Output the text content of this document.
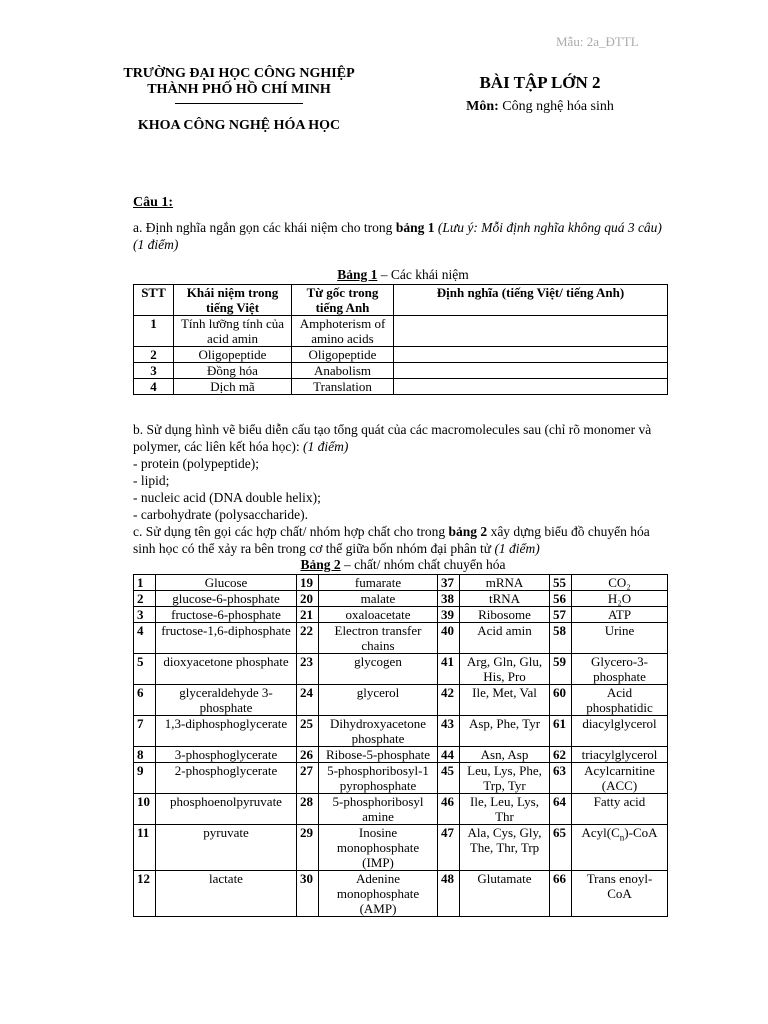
Mẫu: 2a_ĐTTL
TRƯỜNG ĐẠI HỌC CÔNG NGHIỆP
THÀNH PHỐ HỒ CHÍ MINH
KHOA CÔNG NGHỆ HÓA HỌC
BÀI TẬP LỚN 2
Môn: Công nghệ hóa sinh
Câu 1:
a. Định nghĩa ngắn gọn các khái niệm cho trong bảng 1 (Lưu ý: Mỗi định nghĩa không quá 3 câu)(1 điểm)
Bảng 1 – Các khái niệm
STT	Khái niệm trong tiếng Việt	Từ gốc trong tiếng Anh	Định nghĩa (tiếng Việt/ tiếng Anh)
1	Tính lưỡng tính của acid amin	Amphoterism of amino acids	
2	Oligopeptide	Oligopeptide	
3	Đồng hóa	Anabolism	
4	Dịch mã	Translation	
b. Sử dụng hình vẽ biểu diễn cấu tạo tổng quát của các macromolecules sau (chỉ rõ monomer và polymer, các liên kết hóa học): (1 điểm)
- protein (polypeptide);
- lipid;
- nucleic acid (DNA double helix);
- carbohydrate (polysaccharide).
c. Sử dụng tên gọi các hợp chất/ nhóm hợp chất cho trong bảng 2 xây dựng biểu đồ chuyển hóa sinh học có thể xảy ra bên trong cơ thể giữa bốn nhóm đại phân tử (1 điểm)
Bảng 2 – chất/ nhóm chất chuyển hóa
1	Glucose	19	fumarate	37	mRNA	55	CO₂
2	glucose-6-phosphate	20	malate	38	tRNA	56	H₂O
3	fructose-6-phosphate	21	oxaloacetate	39	Ribosome	57	ATP
4	fructose-1,6-diphosphate	22	Electron transfer chains	40	Acid amin	58	Urine
5	dioxyacetone phosphate	23	glycogen	41	Arg, Gln, Glu, His, Pro	59	Glycero-3-phosphate
6	glyceraldehyde 3-phosphate	24	glycerol	42	Ile, Met, Val	60	Acid phosphatidic
7	1,3-diphosphoglycerate	25	Dihydroxyacetone phosphate	43	Asp, Phe, Tyr	61	diacylglycerol
8	3-phosphoglycerate	26	Ribose-5-phosphate	44	Asn, Asp	62	triacylglycerol
9	2-phosphoglycerate	27	5-phosphoribosyl-1 pyrophosphate	45	Leu, Lys, Phe, Trp, Tyr	63	Acylcarnitine (ACC)
10	phosphoenolpyruvate	28	5-phosphoribosyl amine	46	Ile, Leu, Lys, Thr	64	Fatty acid
11	pyruvate	29	Inosine monophosphate (IMP)	47	Ala, Cys, Gly, The, Thr, Trp	65	$Acyl(C_n)$-CoA
12	lactate	30	Adenine monophosphate (AMP)	48	Glutamate	66	Trans enoyl-CoA
